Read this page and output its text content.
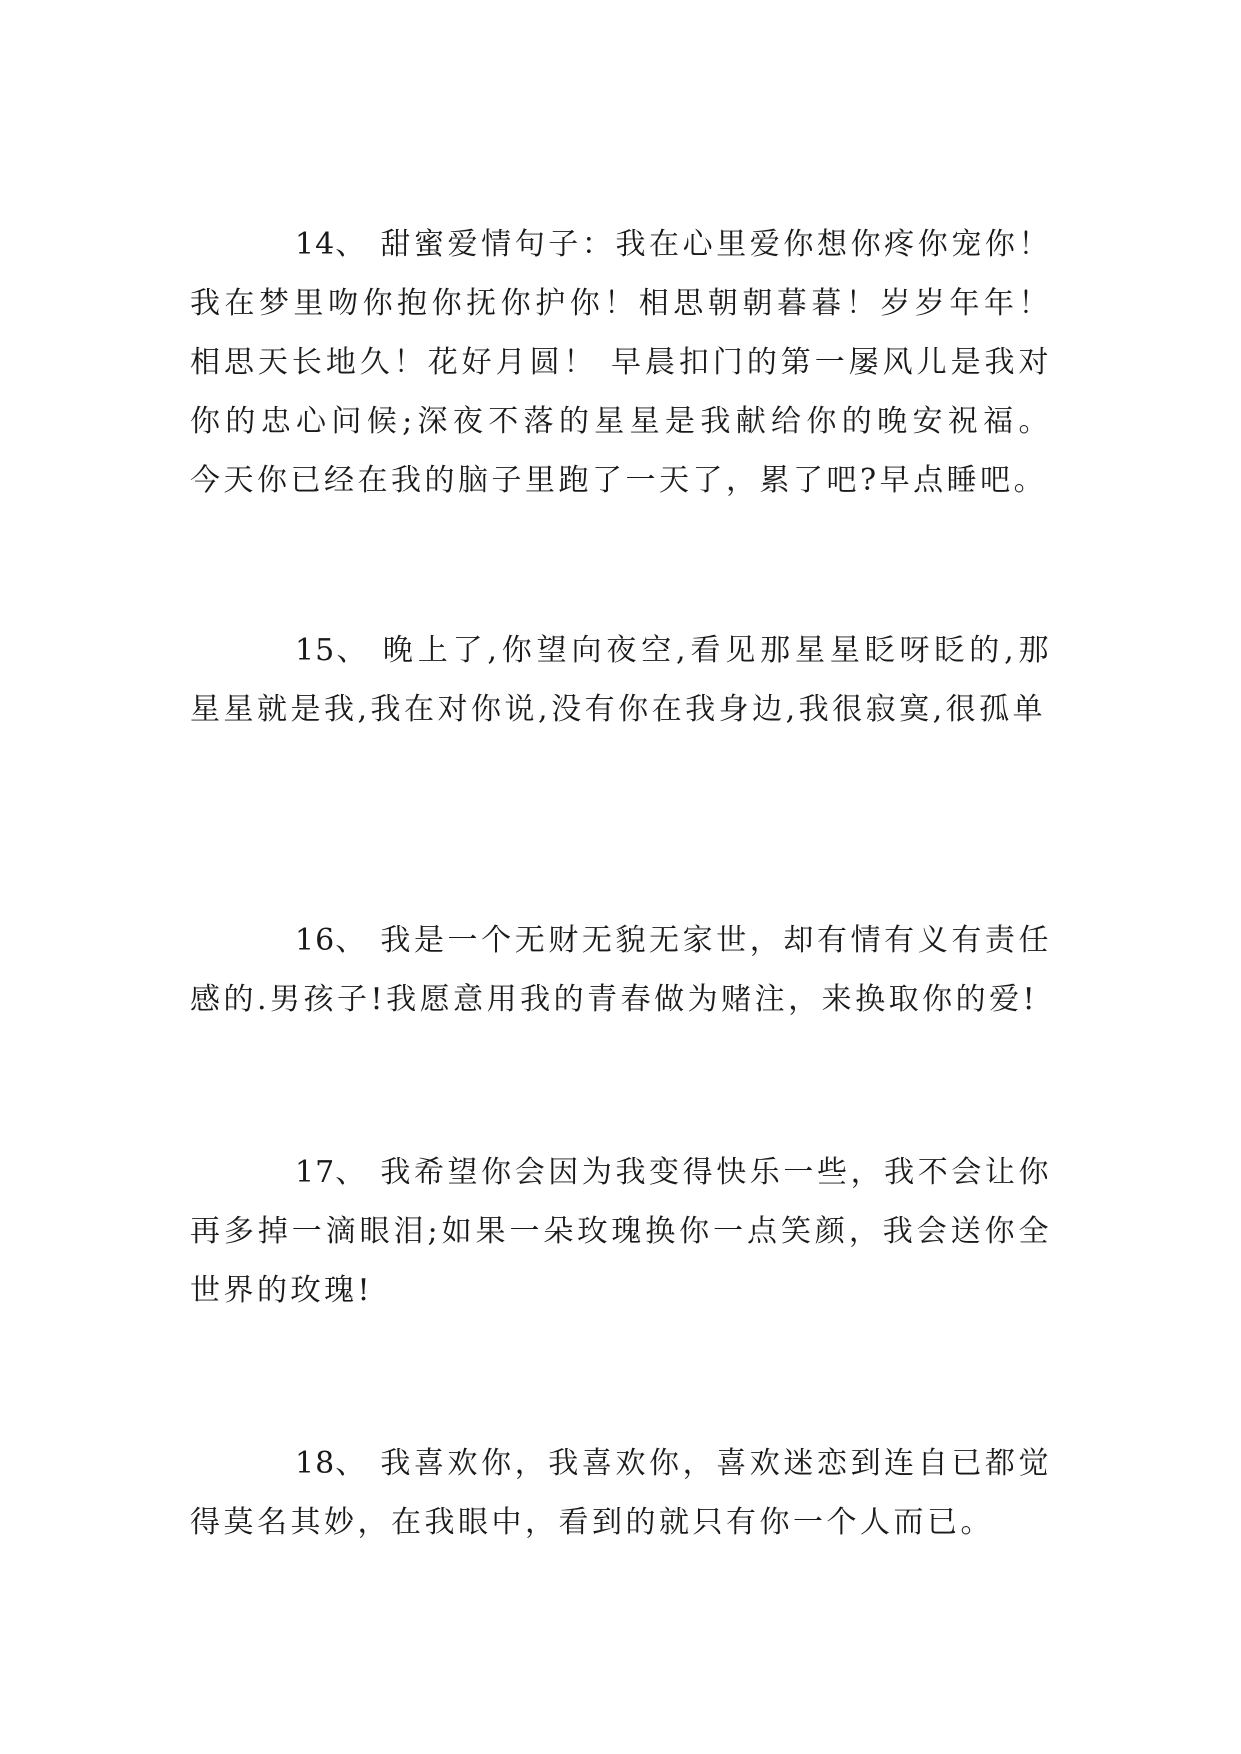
14、 甜蜜爱情句子：我在心里爱你想你疼你宠你！我在梦里吻你抱你抚你护你！相思朝朝暮暮！岁岁年年！相思天长地久！花好月圆！ 早晨扣门的第一屡风儿是我对你的忠心问候;深夜不落的星星是我献给你的晚安祝福。 今天你已经在我的脑子里跑了一天了，累了吧?早点睡吧。

15、 晚上了,你望向夜空,看见那星星眨呀眨的,那星星就是我,我在对你说,没有你在我身边,我很寂寞,很孤单

16、 我是一个无财无貌无家世，却有情有义有责任感的.男孩子!我愿意用我的青春做为赌注，来换取你的爱!

17、 我希望你会因为我变得快乐一些，我不会让你再多掉一滴眼泪;如果一朵玫瑰换你一点笑颜，我会送你全世界的玫瑰!

18、 我喜欢你，我喜欢你，喜欢迷恋到连自已都觉得莫名其妙，在我眼中，看到的就只有你一个人而已。
